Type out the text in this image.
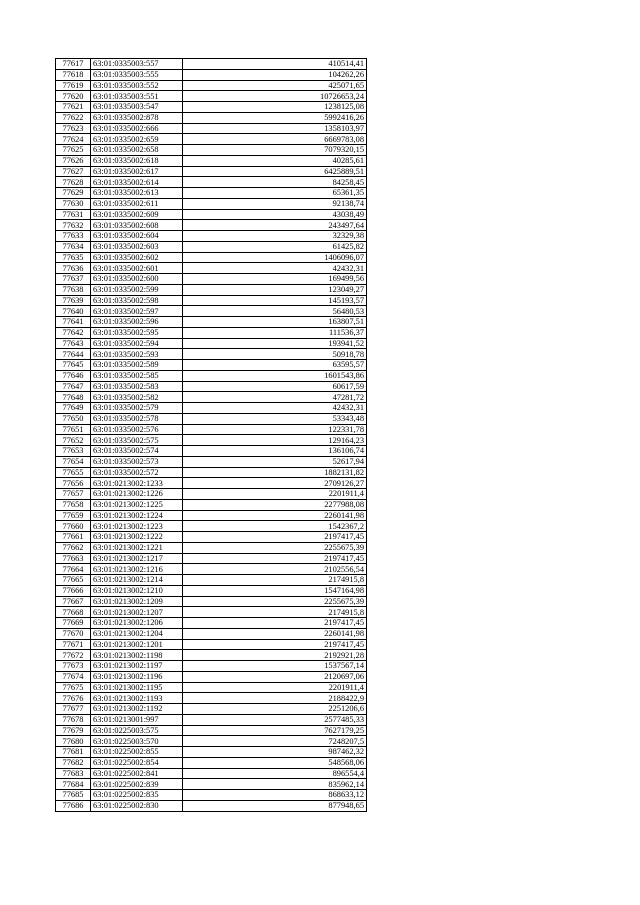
77617	63:01:0335003:557	410514,41
77618	63:01:0335003:555	104262,26
77619	63:01:0335003:552	425071,65
77620	63:01:0335003:551	10726653,24
77621	63:01:0335003:547	1238125,08
77622	63:01:0335002:878	5992416,26
77623	63:01:0335002:666	1358103,97
77624	63:01:0335002:659	6669783,08
77625	63:01:0335002:658	7079320,15
77626	63:01:0335002:618	40285,61
77627	63:01:0335002:617	6425889,51
77628	63:01:0335002:614	84258,45
77629	63:01:0335002:613	65361,35
77630	63:01:0335002:611	92138,74
77631	63:01:0335002:609	43038,49
77632	63:01:0335002:608	243497,64
77633	63:01:0335002:604	32329,38
77634	63:01:0335002:603	61425,82
77635	63:01:0335002:602	1406096,07
77636	63:01:0335002:601	42432,31
77637	63:01:0335002:600	169499,56
77638	63:01:0335002:599	123049,27
77639	63:01:0335002:598	145193,57
77640	63:01:0335002:597	56480,53
77641	63:01:0335002:596	163807,51
77642	63:01:0335002:595	111536,37
77643	63:01:0335002:594	193941,52
77644	63:01:0335002:593	50918,78
77645	63:01:0335002:589	63595,57
77646	63:01:0335002:585	1601543,86
77647	63:01:0335002:583	60617,59
77648	63:01:0335002:582	47281,72
77649	63:01:0335002:579	42432,31
77650	63:01:0335002:578	53343,48
77651	63:01:0335002:576	122331,78
77652	63:01:0335002:575	129164,23
77653	63:01:0335002:574	136106,74
77654	63:01:0335002:573	52617,94
77655	63:01:0335002:572	1882131,82
77656	63:01:0213002:1233	2709126,27
77657	63:01:0213002:1226	2201911,4
77658	63:01:0213002:1225	2277988,08
77659	63:01:0213002:1224	2260141,98
77660	63:01:0213002:1223	1542367,2
77661	63:01:0213002:1222	2197417,45
77662	63:01:0213002:1221	2255675,39
77663	63:01:0213002:1217	2197417,45
77664	63:01:0213002:1216	2102556,54
77665	63:01:0213002:1214	2174915,8
77666	63:01:0213002:1210	1547164,98
77667	63:01:0213002:1209	2255675,39
77668	63:01:0213002:1207	2174915,8
77669	63:01:0213002:1206	2197417,45
77670	63:01:0213002:1204	2260141,98
77671	63:01:0213002:1201	2197417,45
77672	63:01:0213002:1198	2192921,28
77673	63:01:0213002:1197	1537567,14
77674	63:01:0213002:1196	2120697,06
77675	63:01:0213002:1195	2201911,4
77676	63:01:0213002:1193	2188422,9
77677	63:01:0213002:1192	2251206,6
77678	63:01:0213001:997	2577485,33
77679	63:01:0225003:575	7627179,25
77680	63:01:0225003:570	7248207,5
77681	63:01:0225002:855	987462,32
77682	63:01:0225002:854	548568,06
77683	63:01:0225002:841	896554,4
77684	63:01:0225002:839	835962,14
77685	63:01:0225002:835	868633,12
77686	63:01:0225002:830	877948,65
